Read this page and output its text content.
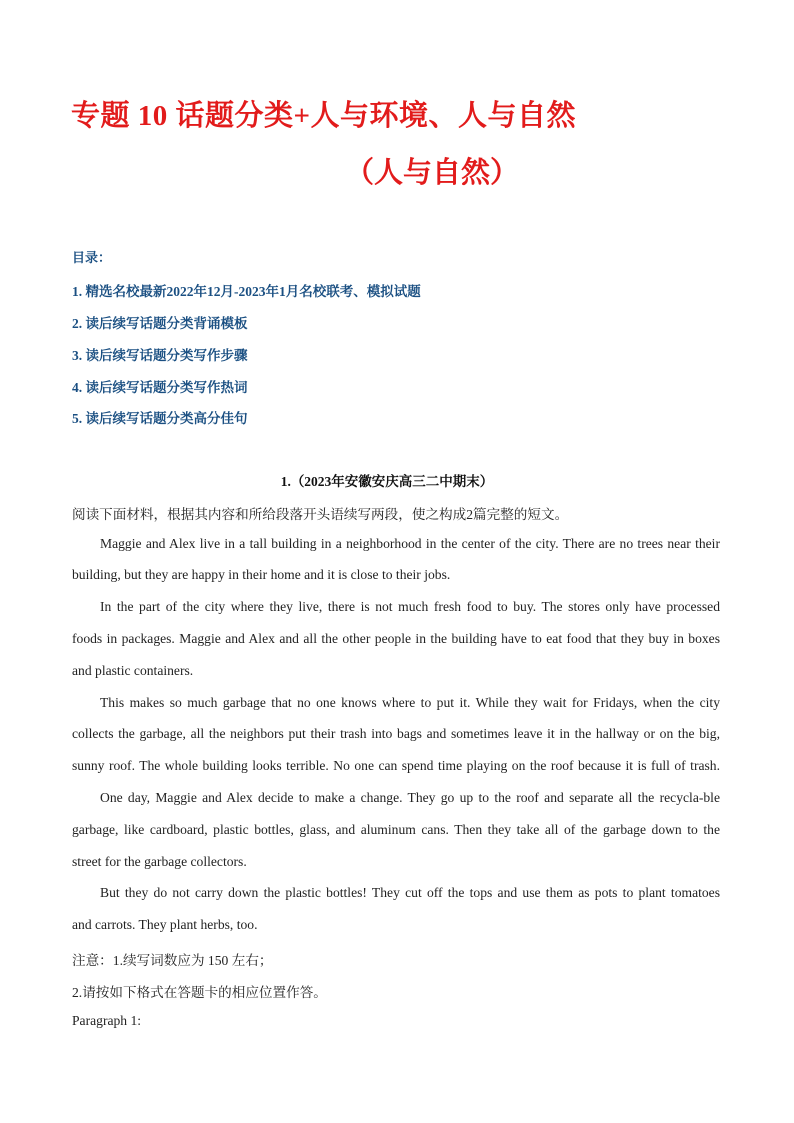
专题 10 话题分类+人与环境、人与自然
（人与自然）
目录：
1. 精选名校最新2022年12月-2023年1月名校联考、模拟试题
2. 读后续写话题分类背诵模板
3. 读后续写话题分类写作步骤
4. 读后续写话题分类写作热词
5. 读后续写话题分类高分佳句
1.（2023年安徽安庆高三二中期末）
阅读下面材料，根据其内容和所给段落开头语续写两段，使之构成2篇完整的短文。
Maggie and Alex live in a tall building in a neighborhood in the center of the city. There are no trees near their
building, but they are happy in their home and it is close to their jobs.
In the part of the city where they live, there is not much fresh food to buy. The stores only have processed
foods in packages. Maggie and Alex and all the other people in the building have to eat food that they buy in boxes
and plastic containers.
This makes so much garbage that no one knows where to put it. While they wait for Fridays, when the city
collects the garbage, all the neighbors put their trash into bags and sometimes leave it in the hallway or on the big,
sunny roof. The whole building looks terrible. No one can spend time playing on the roof because it is full of trash.
One day, Maggie and Alex decide to make a change. They go up to the roof and separate all the recycla-ble
garbage, like cardboard, plastic bottles, glass, and aluminum cans. Then they take all of the garbage down to the
street for the garbage collectors.
But they do not carry down the plastic bottles! They cut off the tops and use them as pots to plant tomatoes
and carrots. They plant herbs, too.
注意：1.续写词数应为 150 左右；
2.请按如下格式在答题卡的相应位置作答。
Paragraph 1:
